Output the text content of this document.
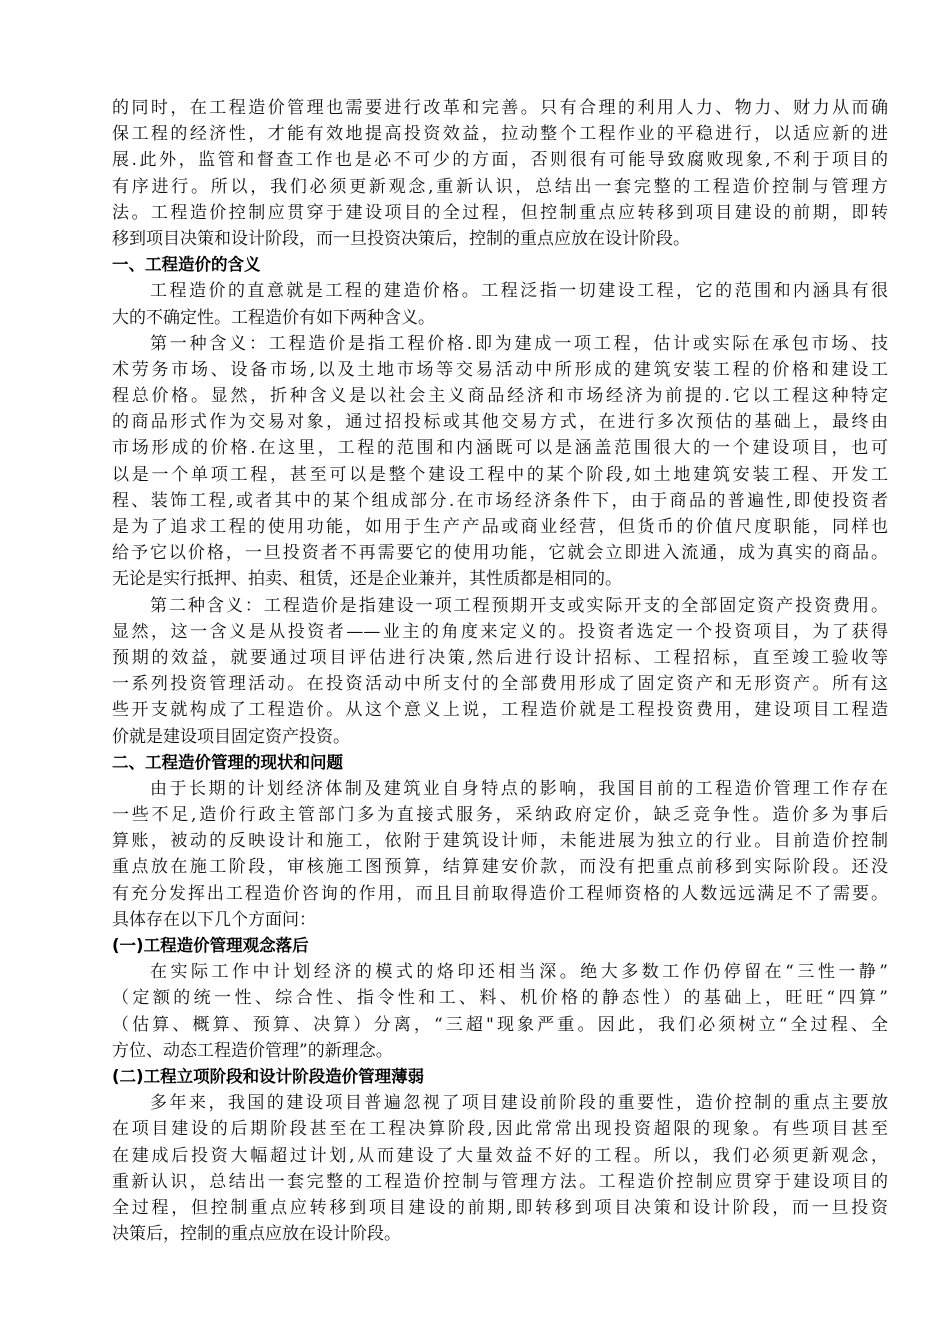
的同时，在工程造价管理也需要进行改革和完善。只有合理的利用人力、物力、财力从而确
保工程的经济性，才能有效地提高投资效益，拉动整个工程作业的平稳进行，以适应新的进
展.此外，监管和督查工作也是必不可少的方面，否则很有可能导致腐败现象,不利于项目的
有序进行。所以，我们必须更新观念,重新认识，总结出一套完整的工程造价控制与管理方
法。工程造价控制应贯穿于建设项目的全过程，但控制重点应转移到项目建设的前期，即转
移到项目决策和设计阶段，而一旦投资决策后，控制的重点应放在设计阶段。
一、工程造价的含义
工程造价的直意就是工程的建造价格。工程泛指一切建设工程，它的范围和内涵具有很
大的不确定性。工程造价有如下两种含义。
第一种含义：工程造价是指工程价格.即为建成一项工程，估计或实际在承包市场、技
术劳务市场、设备市场,以及土地市场等交易活动中所形成的建筑安装工程的价格和建设工
程总价格。显然，折种含义是以社会主义商品经济和市场经济为前提的.它以工程这种特定
的商品形式作为交易对象，通过招投标或其他交易方式，在进行多次预估的基础上，最终由
市场形成的价格.在这里，工程的范围和内涵既可以是涵盖范围很大的一个建设项目，也可
以是一个单项工程，甚至可以是整个建设工程中的某个阶段,如土地建筑安装工程、开发工
程、装饰工程,或者其中的某个组成部分.在市场经济条件下，由于商品的普遍性,即使投资者
是为了追求工程的使用功能，如用于生产产品或商业经营，但货币的价值尺度职能，同样也
给予它以价格，一旦投资者不再需要它的使用功能，它就会立即进入流通，成为真实的商品。
无论是实行抵押、拍卖、租赁，还是企业兼并，其性质都是相同的。
第二种含义：工程造价是指建设一项工程预期开支或实际开支的全部固定资产投资费用。
显然，这一含义是从投资者——业主的角度来定义的。投资者选定一个投资项目，为了获得
预期的效益，就要通过项目评估进行决策,然后进行设计招标、工程招标，直至竣工验收等
一系列投资管理活动。在投资活动中所支付的全部费用形成了固定资产和无形资产。所有这
些开支就构成了工程造价。从这个意义上说，工程造价就是工程投资费用，建设项目工程造
价就是建设项目固定资产投资。
二、工程造价管理的现状和问题
由于长期的计划经济体制及建筑业自身特点的影响，我国目前的工程造价管理工作存在
一些不足,造价行政主管部门多为直接式服务，采纳政府定价，缺乏竞争性。造价多为事后
算账，被动的反映设计和施工，依附于建筑设计师，未能进展为独立的行业。目前造价控制
重点放在施工阶段，审核施工图预算，结算建安价款，而没有把重点前移到实际阶段。还没
有充分发挥出工程造价咨询的作用，而且目前取得造价工程师资格的人数远远满足不了需要。
具体存在以下几个方面问：
(一)工程造价管理观念落后
在实际工作中计划经济的模式的烙印还相当深。绝大多数工作仍停留在“三性一静”
（定额的统一性、综合性、指令性和工、料、机价格的静态性）的基础上，旺旺“四算”
（估算、概算、预算、决算）分离，“三超"现象严重。因此，我们必须树立“全过程、全
方位、动态工程造价管理”的新理念。
(二)工程立项阶段和设计阶段造价管理薄弱
多年来，我国的建设项目普遍忽视了项目建设前阶段的重要性，造价控制的重点主要放
在项目建设的后期阶段甚至在工程决算阶段,因此常常出现投资超限的现象。有些项目甚至
在建成后投资大幅超过计划,从而建设了大量效益不好的工程。所以，我们必须更新观念，
重新认识，总结出一套完整的工程造价控制与管理方法。工程造价控制应贯穿于建设项目的
全过程，但控制重点应转移到项目建设的前期,即转移到项目决策和设计阶段，而一旦投资
决策后，控制的重点应放在设计阶段。
